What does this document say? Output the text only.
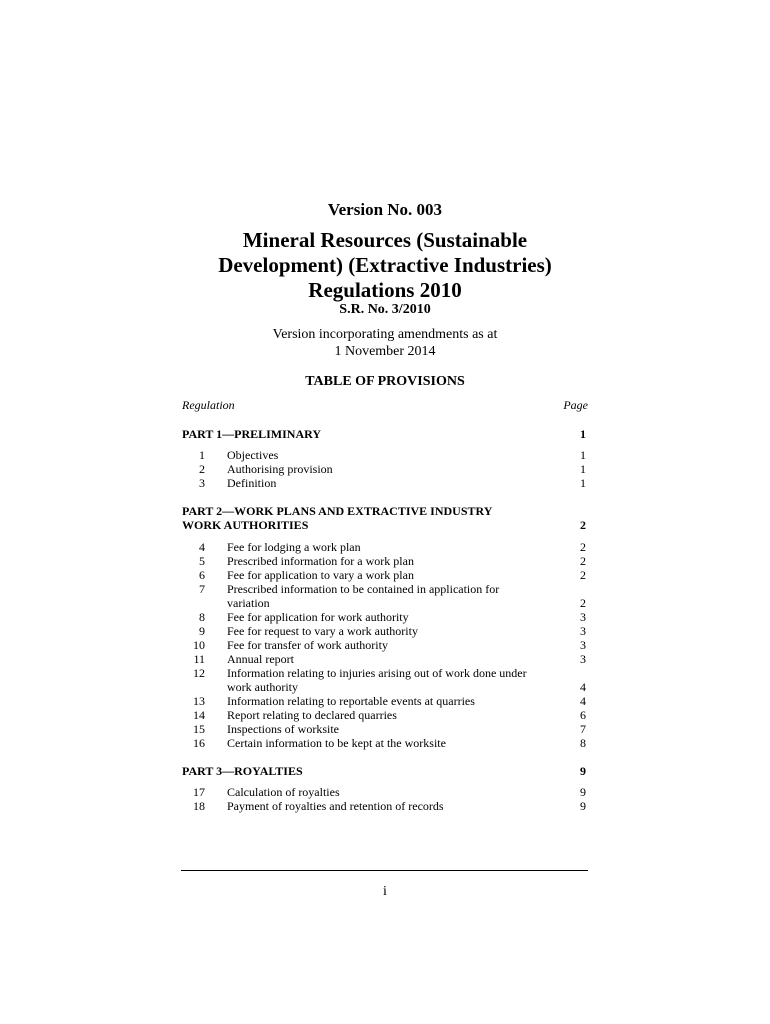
Version No. 003
Mineral Resources (Sustainable
Development) (Extractive Industries)
Regulations 2010
S.R. No. 3/2010
Version incorporating amendments as at
1 November 2014
TABLE OF PROVISIONS
Regulation	Page
PART 1—PRELIMINARY	1
1 Objectives	1
2 Authorising provision	1
3 Definition	1
PART 2—WORK PLANS AND EXTRACTIVE INDUSTRY
WORK AUTHORITIES	2
4 Fee for lodging a work plan	2
5 Prescribed information for a work plan	2
6 Fee for application to vary a work plan	2
7 Prescribed information to be contained in application for
variation	2
8 Fee for application for work authority	3
9 Fee for request to vary a work authority	3
10 Fee for transfer of work authority	3
11 Annual report	3
12 Information relating to injuries arising out of work done under
work authority	4
13 Information relating to reportable events at quarries	4
14 Report relating to declared quarries	6
15 Inspections of worksite	7
16 Certain information to be kept at the worksite	8
PART 3—ROYALTIES	9
17 Calculation of royalties	9
18 Payment of royalties and retention of records	9
i
